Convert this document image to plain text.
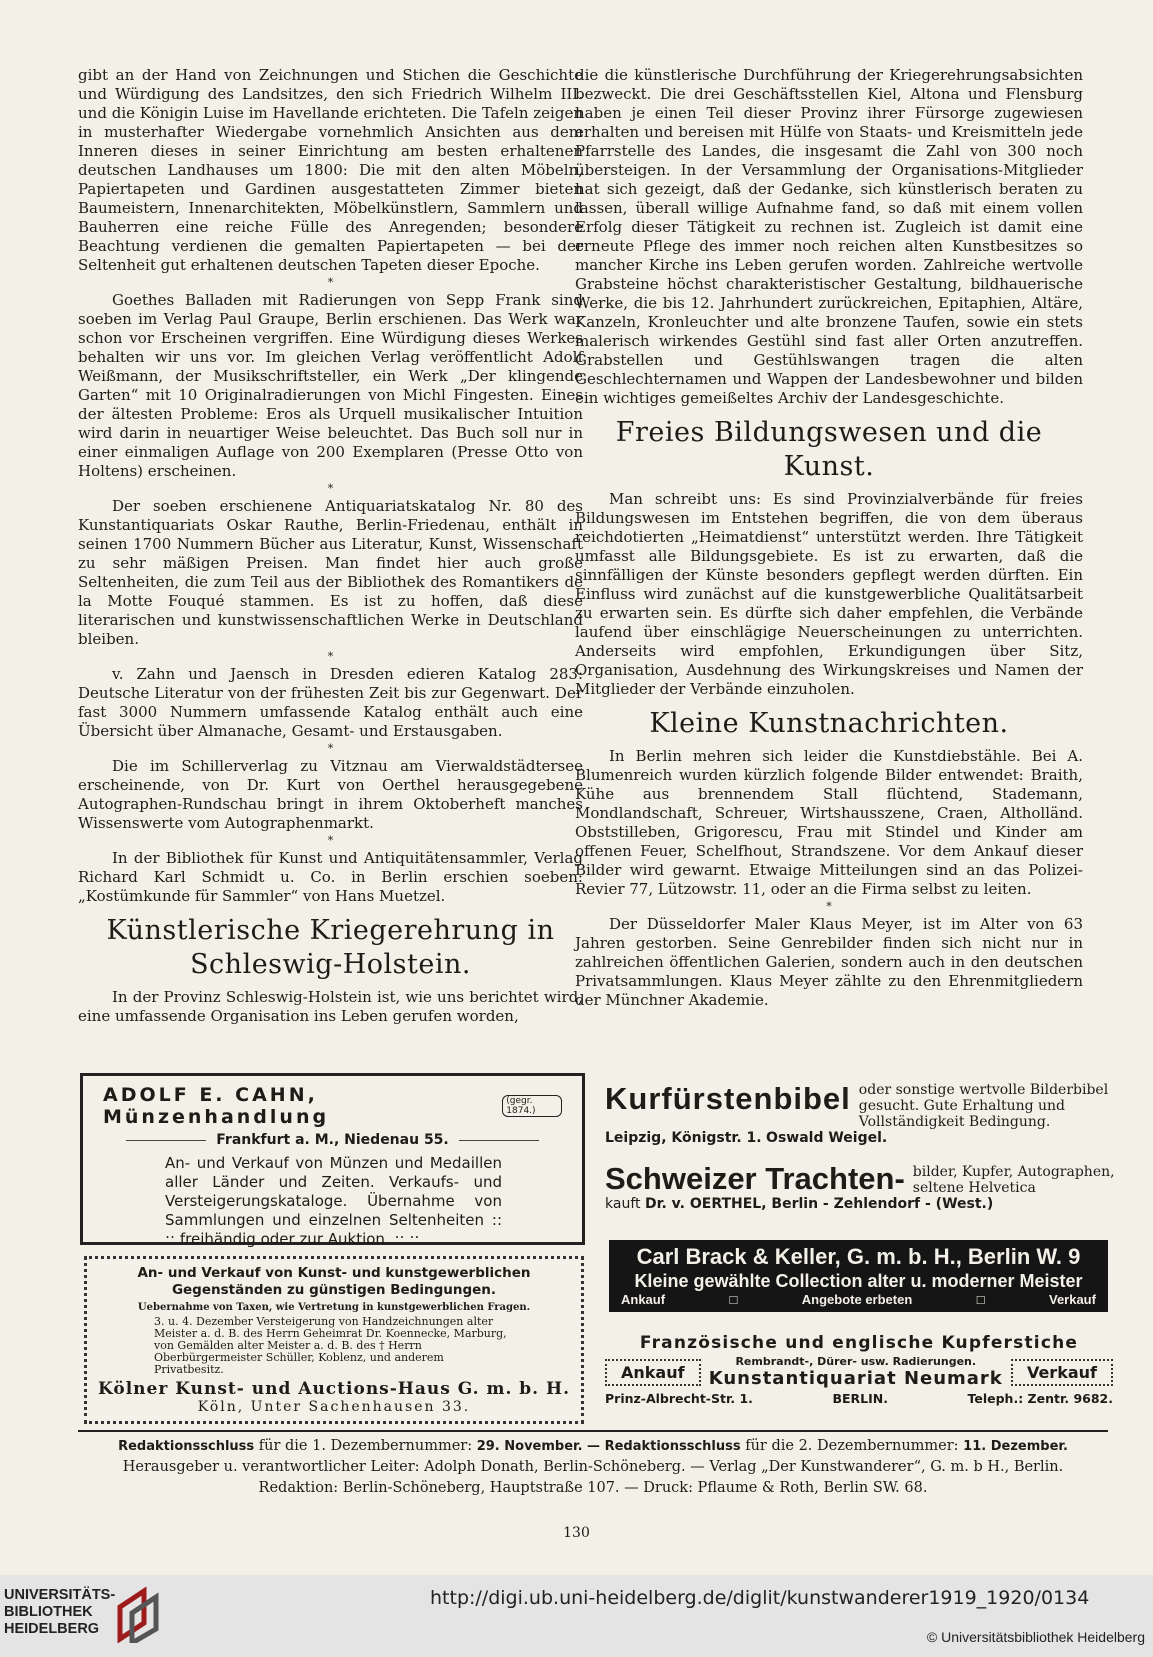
gibt an der Hand von Zeichnungen und Stichen die Geschichte und Würdigung des Landsitzes, den sich Friedrich Wilhelm III. und die Königin Luise im Havellande erichteten. Die Tafeln zeigen in musterhafter Wiedergabe vornehmlich Ansichten aus dem Inneren dieses in seiner Einrichtung am besten erhaltenen deutschen Landhauses um 1800: Die mit den alten Möbeln, Papiertapeten und Gardinen ausgestatteten Zimmer bieten Baumeistern, Innenarchitekten, Möbelkünstlern, Sammlern und Bauherren eine reiche Fülle des Anregenden; besondere Beachtung verdienen die gemalten Papiertapeten — bei der Seltenheit gut erhaltenen deutschen Tapeten dieser Epoche.

*

Goethes Balladen mit Radierungen von Sepp Frank sind soeben im Verlag Paul Graupe, Berlin erschienen. Das Werk war schon vor Erscheinen vergriffen. Eine Würdigung dieses Werkes behalten wir uns vor. Im gleichen Verlag veröffentlicht Adolf Weißmann, der Musikschriftsteller, ein Werk „Der klingende Garten“ mit 10 Originalradierungen von Michl Fingesten. Eines der ältesten Probleme: Eros als Urquell musikalischer Intuition wird darin in neuartiger Weise beleuchtet. Das Buch soll nur in einer einmaligen Auflage von 200 Exemplaren (Presse Otto von Holtens) erscheinen.

*

Der soeben erschienene Antiquariatskatalog Nr. 80 des Kunstantiquariats Oskar Rauthe, Berlin-Friedenau, enthält in seinen 1700 Nummern Bücher aus Literatur, Kunst, Wissenschaft zu sehr mäßigen Preisen. Man findet hier auch große Seltenheiten, die zum Teil aus der Bibliothek des Romantikers de la Motte Fouqué stammen. Es ist zu hoffen, daß diese literarischen und kunstwissenschaftlichen Werke in Deutschland bleiben.

*

v. Zahn und Jaensch in Dresden edieren Katalog 283: Deutsche Literatur von der frühesten Zeit bis zur Gegenwart. Der fast 3000 Nummern umfassende Katalog enthält auch eine Übersicht über Almanache, Gesamt- und Erstausgaben.

*

Die im Schillerverlag zu Vitznau am Vierwaldstädtersee erscheinende, von Dr. Kurt von Oerthel herausgegebene Autographen-Rundschau bringt in ihrem Oktoberheft manches Wissenswerte vom Autographenmarkt.

*

In der Bibliothek für Kunst und Antiquitätensammler, Verlag Richard Karl Schmidt u. Co. in Berlin erschien soeben: „Kostümkunde für Sammler“ von Hans Muetzel.

Künstlerische Kriegerehrung in Schleswig-Holstein.

In der Provinz Schleswig-Holstein ist, wie uns berichtet wird, eine umfassende Organisation ins Leben gerufen worden,

die die künstlerische Durchführung der Kriegerehrungsabsichten bezweckt. Die drei Geschäftsstellen Kiel, Altona und Flensburg haben je einen Teil dieser Provinz ihrer Fürsorge zugewiesen erhalten und bereisen mit Hülfe von Staats- und Kreismitteln jede Pfarrstelle des Landes, die insgesamt die Zahl von 300 noch übersteigen. In der Versammlung der Organisations-Mitglieder hat sich gezeigt, daß der Gedanke, sich künstlerisch beraten zu lassen, überall willige Aufnahme fand, so daß mit einem vollen Erfolg dieser Tätigkeit zu rechnen ist. Zugleich ist damit eine erneute Pflege des immer noch reichen alten Kunstbesitzes so mancher Kirche ins Leben gerufen worden. Zahlreiche wertvolle Grabsteine höchst charakteristischer Gestaltung, bildhauerische Werke, die bis 12. Jahrhundert zurückreichen, Epitaphien, Altäre, Kanzeln, Kronleuchter und alte bronzene Taufen, sowie ein stets malerisch wirkendes Gestühl sind fast aller Orten anzutreffen. Grabstellen und Gestühlswangen tragen die alten Geschlechternamen und Wappen der Landesbewohner und bilden ein wichtiges gemeißeltes Archiv der Landesgeschichte.

Freies Bildungswesen und die Kunst.

Man schreibt uns: Es sind Provinzialverbände für freies Bildungswesen im Entstehen begriffen, die von dem überaus reichdotierten „Heimatdienst“ unterstützt werden. Ihre Tätigkeit umfasst alle Bildungsgebiete. Es ist zu erwarten, daß die sinnfälligen der Künste besonders gepflegt werden dürften. Ein Einfluss wird zunächst auf die kunstgewerbliche Qualitätsarbeit zu erwarten sein. Es dürfte sich daher empfehlen, die Verbände laufend über einschlägige Neuerscheinungen zu unterrichten. Anderseits wird empfohlen, Erkundigungen über Sitz, Organisation, Ausdehnung des Wirkungskreises und Namen der Mitglieder der Verbände einzuholen.

Kleine Kunstnachrichten.

In Berlin mehren sich leider die Kunstdiebstähle. Bei A. Blumenreich wurden kürzlich folgende Bilder entwendet: Braith, Kühe aus brennendem Stall flüchtend, Stademann, Mondlandschaft, Schreuer, Wirtshausszene, Craen, Altholländ. Obststilleben, Grigorescu, Frau mit Stindel und Kinder am offenen Feuer, Schelfhout, Strandszene. Vor dem Ankauf dieser Bilder wird gewarnt. Etwaige Mitteilungen sind an das Polizei-Revier 77, Lützowstr. 11, oder an die Firma selbst zu leiten.

*

Der Düsseldorfer Maler Klaus Meyer, ist im Alter von 63 Jahren gestorben. Seine Genrebilder finden sich nicht nur in zahlreichen öffentlichen Galerien, sondern auch in den deutschen Privatsammlungen. Klaus Meyer zählte zu den Ehrenmitgliedern der Münchner Akademie.

ADOLF E. CAHN, Münzenhandlung
(gegr. 1874.)
Frankfurt a. M., Niedenau 55.
An- und Verkauf von Münzen und Medaillen aller Länder und Zeiten. Verkaufs- und Versteigerungskataloge. Übernahme von Sammlungen und einzelnen Seltenheiten :: :: freihändig oder zur Auktion. :: ::
An- und Verkauf von Kunst- und kunstgewerblichen Gegenständen zu günstigen Bedingungen.
Uebernahme von Taxen, wie Vertretung in kunstgewerblichen Fragen.
3. u. 4. Dezember Versteigerung von Handzeichnungen alter Meister a. d. B. des Herrn Geheimrat Dr. Koennecke, Marburg, von Gemälden alter Meister a. d. B. des † Herrn Oberbürgermeister Schüller, Koblenz, und anderem Privatbesitz.
Kölner Kunst- und Auctions-Haus G. m. b. H.
Köln, Unter Sachenhausen 33.
Kurfürstenbibel oder sonstige wertvolle Bilderbibel gesucht. Gute Erhaltung und Vollständigkeit Bedingung.
Leipzig, Königstr. 1. Oswald Weigel.
Schweizer Trachten- bilder, Kupfer, Autographen, seltene Helvetica
kauft Dr. v. OERTHEL, Berlin - Zehlendorf - (West.)
Carl Brack & Keller, G. m. b. H., Berlin W. 9
Kleine gewählte Collection alter u. moderner Meister
Ankauf	□	Angebote erbeten	□	Verkauf
Französische und englische Kupferstiche
Ankauf
Rembrandt-, Dürer- usw. Radierungen.
Kunstantiquariat Neumark	Verkauf
Prinz-Albrecht-Str. 1.	BERLIN.	Teleph.: Zentr. 9682.
Redaktionsschluss für die 1. Dezembernummer: 29. November. — Redaktionsschluss für die 2. Dezembernummer: 11. Dezember.
Herausgeber u. verantwortlicher Leiter: Adolph Donath, Berlin-Schöneberg. — Verlag „Der Kunstwanderer“, G. m. b H., Berlin.
Redaktion: Berlin-Schöneberg, Hauptstraße 107. — Druck: Pflaume & Roth, Berlin SW. 68.
130
UNIVERSITÄTS-
BIBLIOTHEK
HEIDELBERG
http://digi.ub.uni-heidelberg.de/diglit/kunstwanderer1919_1920/0134
© Universitätsbibliothek Heidelberg
